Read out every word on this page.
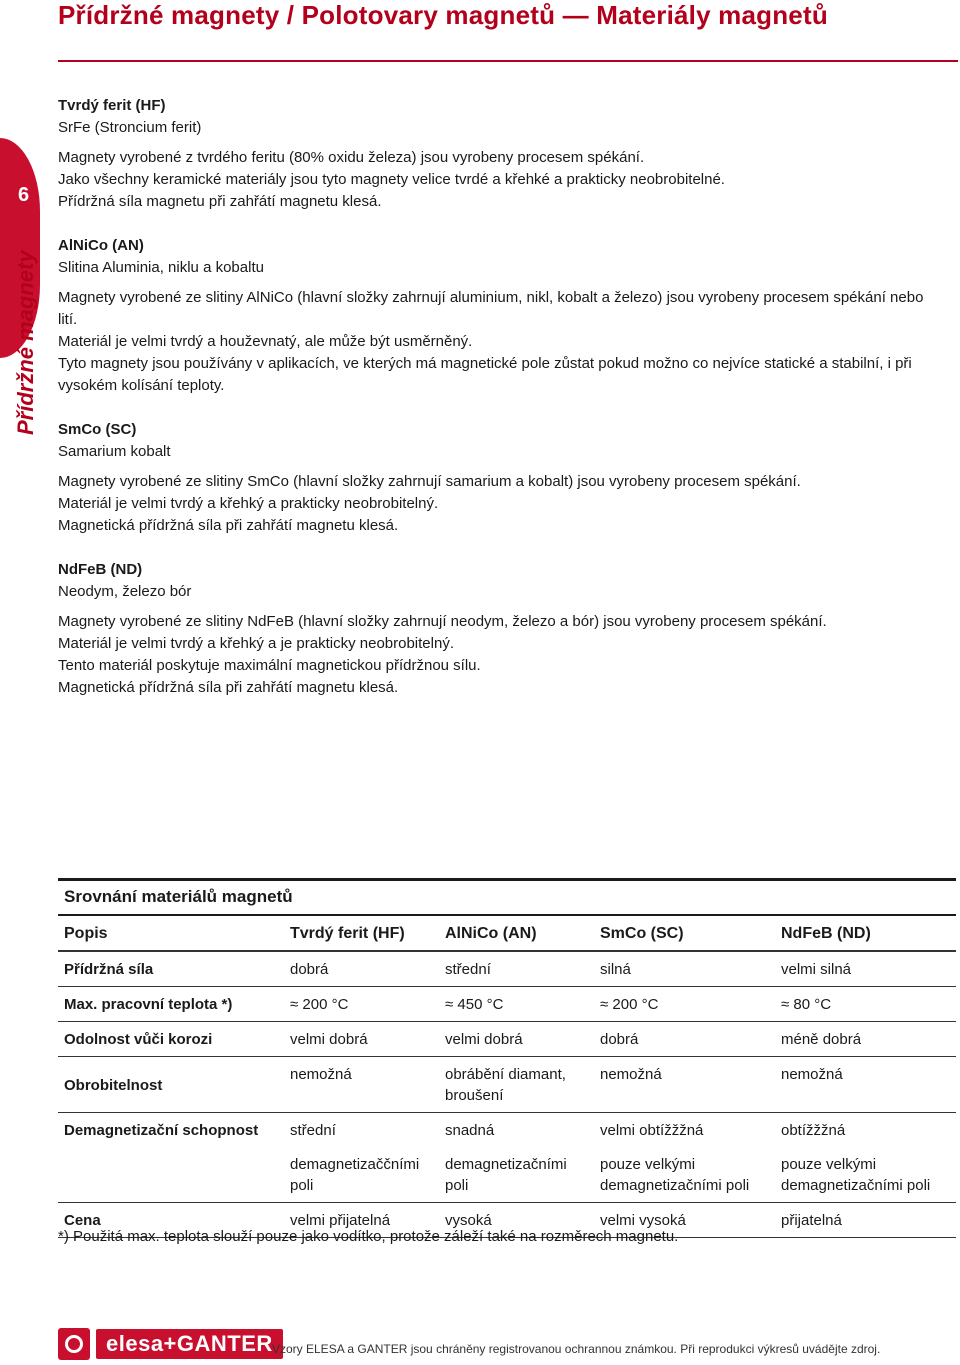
Přídržné magnety / Polotovary magnetů — Materiály magnetů
6
Přídržné magnety
Tvrdý ferit (HF)
SrFe (Stroncium ferit)
Magnety vyrobené z tvrdého feritu (80% oxidu železa) jsou vyrobeny procesem spékání.
Jako všechny keramické materiály jsou tyto magnety velice tvrdé a křehké a prakticky neobrobitelné.
Přídržná síla magnetu při zahřátí magnetu klesá.
AlNiCo (AN)
Slitina Aluminia, niklu a kobaltu
Magnety vyrobené ze slitiny AlNiCo (hlavní složky zahrnují aluminium, nikl, kobalt a železo) jsou vyrobeny procesem spékání nebo lití.
Materiál je velmi tvrdý a houževnatý, ale může být usměrněný.
Tyto magnety jsou používány v aplikacích, ve kterých má magnetické pole zůstat pokud možno co nejvíce statické a stabilní, i při vysokém kolísání teploty.
SmCo (SC)
Samarium kobalt
Magnety vyrobené ze slitiny SmCo (hlavní složky zahrnují samarium a kobalt) jsou vyrobeny procesem spékání.
Materiál je velmi tvrdý a křehký a prakticky neobrobitelný.
Magnetická přídržná síla při zahřátí magnetu klesá.
NdFeB (ND)
Neodym, železo bór
Magnety vyrobené ze slitiny NdFeB (hlavní složky zahrnují neodym, železo a bór) jsou vyrobeny procesem spékání.
Materiál je velmi tvrdý a křehký a je prakticky neobrobitelný.
Tento materiál poskytuje maximální magnetickou přídržnou sílu.
Magnetická přídržná síla při zahřátí magnetu klesá.
Srovnání materiálů magnetů
Popis	Tvrdý ferit (HF)	AlNiCo (AN)	SmCo (SC)	NdFeB (ND)
Přídržná síla	dobrá	střední	silná	velmi silná
Max. pracovní teplota *)	≈ 200 °C	≈ 450 °C	≈ 200 °C	≈ 80 °C
Odolnost vůči korozi	velmi dobrá	velmi dobrá	dobrá	méně dobrá
Obrobitelnost	nemožná	obrábění diamant, broušení	nemožná	nemožná
Demagnetizační schopnost	střední	snadná	velmi obtížžžná	obtížžžná
	demagnetizaččními poli	demagnetizačními poli	pouze velkými demagnetizačními poli	pouze velkými demagnetizačními poli
Cena	velmi přijatelná	vysoká	velmi vysoká	přijatelná
*) Použitá max. teplota slouží pouze jako vodítko, protože záleží také na rozměrech magnetu.
elesa+GANTER Vzory ELESA a GANTER jsou chráněny registrovanou ochrannou známkou. Při reprodukci výkresů uvádějte zdroj.
